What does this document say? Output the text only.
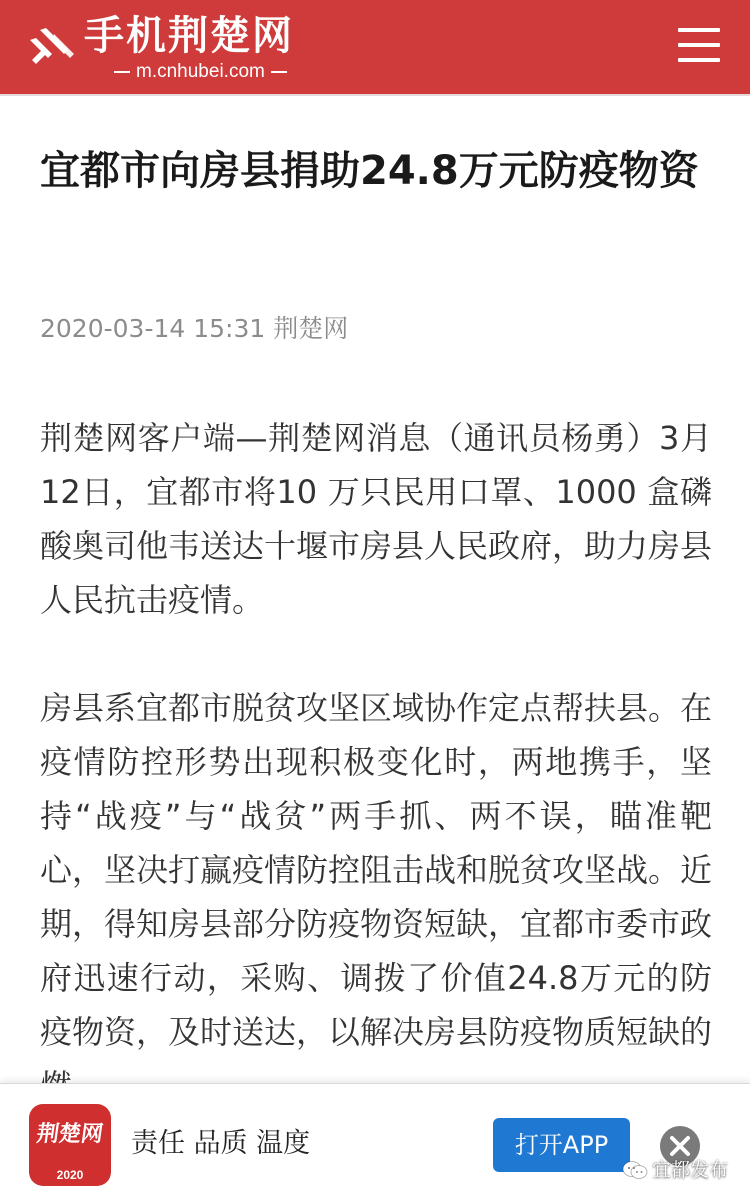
手机荆楚网
m.cnhubei.com
宜都市向房县捐助24.8万元防疫物资
2020-03-14 15:31 荆楚网

荆楚网客户端—荆楚网消息（通讯员杨勇）3月12日，宜都市将10 万只民用口罩、1000 盒磷酸奥司他韦送达十堰市房县人民政府，助力房县人民抗击疫情。

房县系宜都市脱贫攻坚区域协作定点帮扶县。在疫情防控形势出现积极变化时，两地携手，坚持“战疫”与“战贫”两手抓、两不误，瞄准靶心，坚决打赢疫情防控阻击战和脱贫攻坚战。近期，得知房县部分防疫物资短缺，宜都市委市政府迅速行动，采购、调拨了价值24.8万元的防疫物资，及时送达，以解决房县防疫物质短缺的

荆楚网
2020
责任 品质 温度	打开APP
宜都发布
